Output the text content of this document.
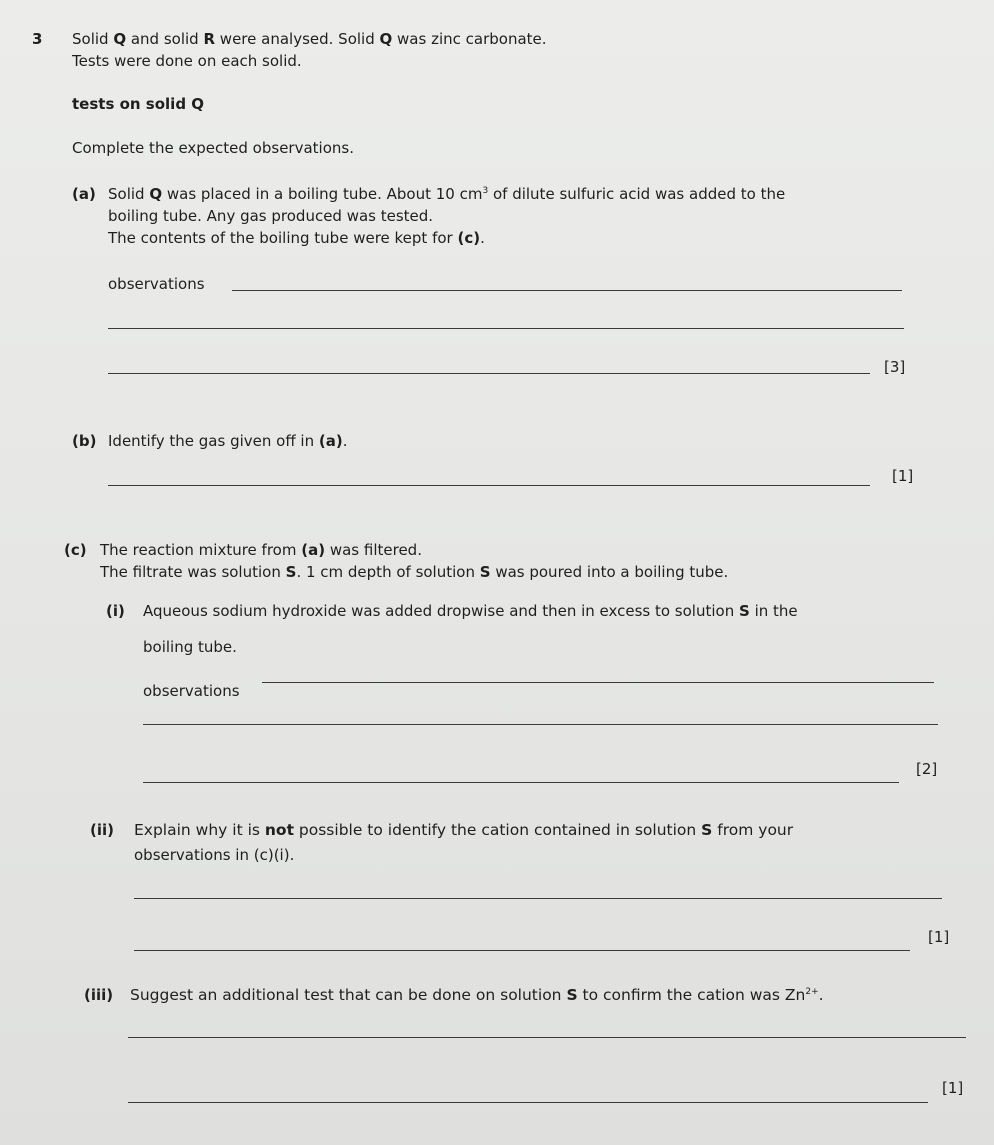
3 Solid Q and solid R were analysed. Solid Q was zinc carbonate.
Tests were done on each solid.
tests on solid Q
Complete the expected observations.
(a) Solid Q was placed in a boiling tube. About 10 $cm^3$ of dilute sulfuric acid was added to the
boiling tube. Any gas produced was tested.
The contents of the boiling tube were kept for (c).
observations
[3]
(b) Identify the gas given off in (a).
[1]
(c) The reaction mixture from (a) was filtered.
The filtrate was solution S. 1 cm depth of solution S was poured into a boiling tube.
(i) Aqueous sodium hydroxide was added dropwise and then in excess to solution S in the
boiling tube.
observations
[2]
(ii) Explain why it is not possible to identify the cation contained in solution S from your
observations in (c)(i).
[1]
(iii) Suggest an additional test that can be done on solution S to confirm the cation was $Zn^{2+}$.
[1]
